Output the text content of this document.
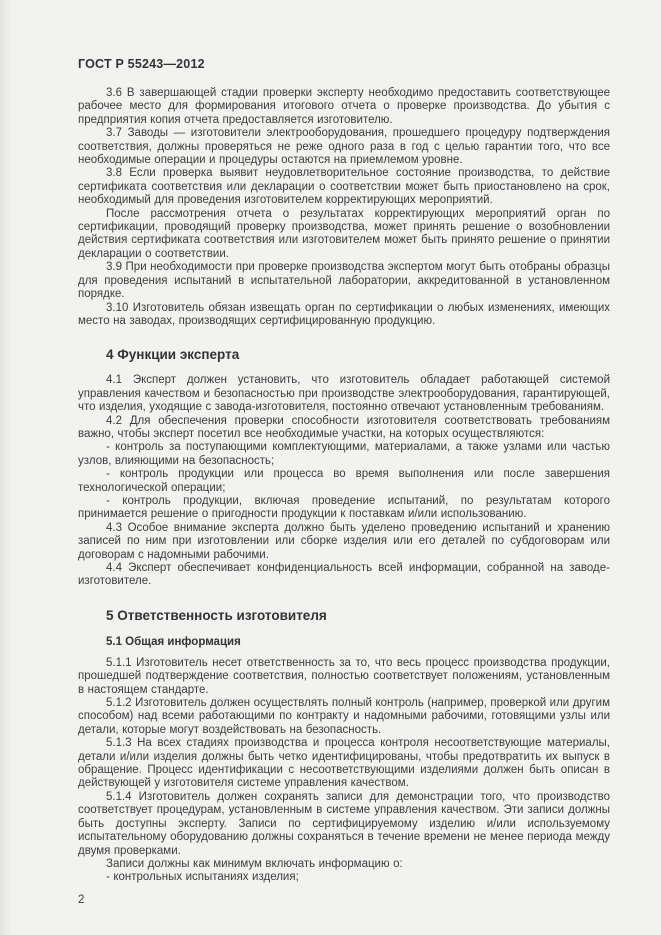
ГОСТ Р 55243—2012

3.6 В завершающей стадии проверки эксперту необходимо предоставить соответствующее рабочее место для формирования итогового отчета о проверке производства. До убытия с предприятия копия отчета предоставляется изготовителю.

3.7 Заводы — изготовители электрооборудования, прошедшего процедуру подтверждения соответствия, должны проверяться не реже одного раза в год с целью гарантии того, что все необходимые операции и процедуры остаются на приемлемом уровне.

3.8 Если проверка выявит неудовлетворительное состояние производства, то действие сертификата соответствия или декларации о соответствии может быть приостановлено на срок, необходимый для проведения изготовителем корректирующих мероприятий.

После рассмотрения отчета о результатах корректирующих мероприятий орган по сертификации, проводящий проверку производства, может принять решение о возобновлении действия сертификата соответствия или изготовителем может быть принято решение о принятии декларации о соответствии.

3.9 При необходимости при проверке производства экспертом могут быть отобраны образцы для проведения испытаний в испытательной лаборатории, аккредитованной в установленном порядке.

3.10 Изготовитель обязан извещать орган по сертификации о любых изменениях, имеющих место на заводах, производящих сертифицированную продукцию.

4 Функции эксперта

4.1 Эксперт должен установить, что изготовитель обладает работающей системой управления качеством и безопасностью при производстве электрооборудования, гарантирующей, что изделия, уходящие с завода-изготовителя, постоянно отвечают установленным требованиям.

4.2 Для обеспечения проверки способности изготовителя соответствовать требованиям важно, чтобы эксперт посетил все необходимые участки, на которых осуществляются:

- контроль за поступающими комплектующими, материалами, а также узлами или частью узлов, влияющими на безопасность;

- контроль продукции или процесса во время выполнения или после завершения технологической операции;

- контроль продукции, включая проведение испытаний, по результатам которого принимается решение о пригодности продукции к поставкам и/или использованию.

4.3 Особое внимание эксперта должно быть уделено проведению испытаний и хранению записей по ним при изготовлении или сборке изделия или его деталей по субдоговорам или договорам с надомными рабочими.

4.4 Эксперт обеспечивает конфиденциальность всей информации, собранной на заводе-изготовителе.

5 Ответственность изготовителя
5.1 Общая информация

5.1.1 Изготовитель несет ответственность за то, что весь процесс производства продукции, прошедшей подтверждение соответствия, полностью соответствует положениям, установленным в настоящем стандарте.

5.1.2 Изготовитель должен осуществлять полный контроль (например, проверкой или другим способом) над всеми работающими по контракту и надомными рабочими, готовящими узлы или детали, которые могут воздействовать на безопасность.

5.1.3 На всех стадиях производства и процесса контроля несоответствующие материалы, детали и/или изделия должны быть четко идентифицированы, чтобы предотвратить их выпуск в обращение. Процесс идентификации с несоответствующими изделиями должен быть описан в действующей у изготовителя системе управления качеством.

5.1.4 Изготовитель должен сохранять записи для демонстрации того, что производство соответствует процедурам, установленным в системе управления качеством. Эти записи должны быть доступны эксперту. Записи по сертифицируемому изделию и/или используемому испытательному оборудованию должны сохраняться в течение времени не менее периода между двумя проверками.

Записи должны как минимум включать информацию о:

- контрольных испытаниях изделия;

2
